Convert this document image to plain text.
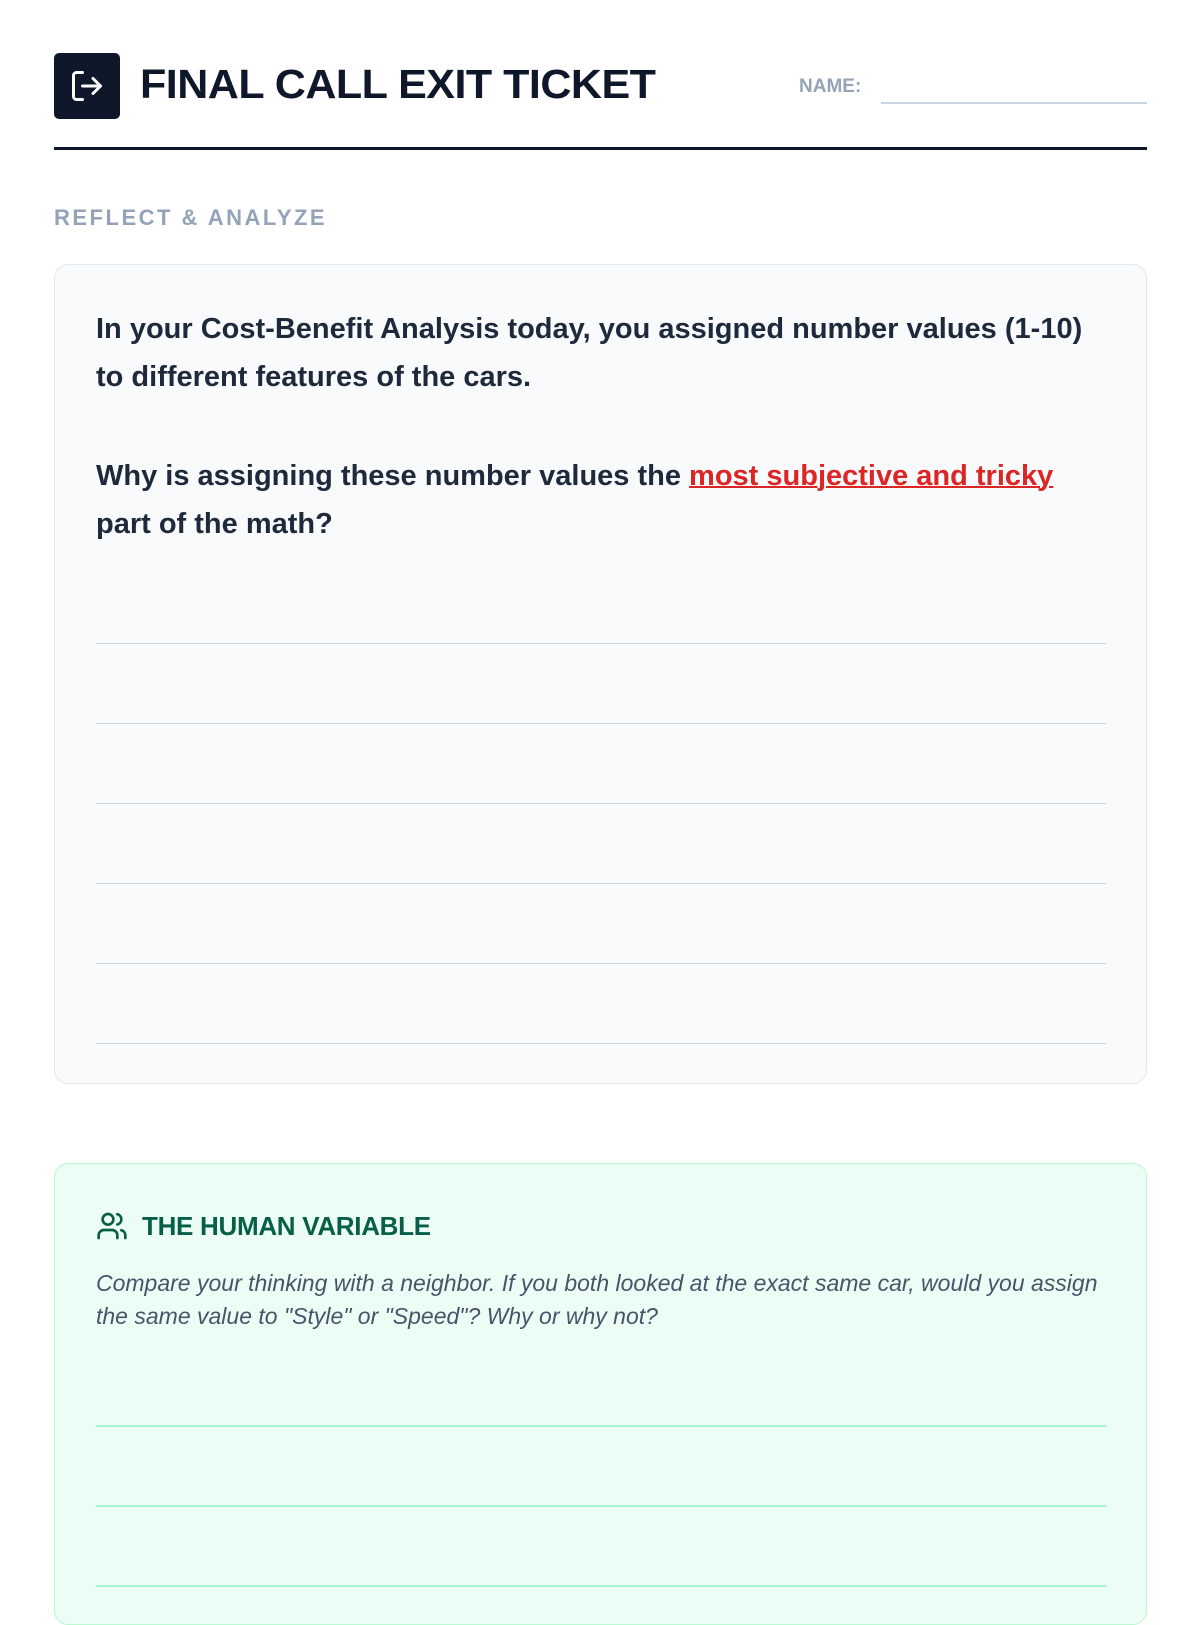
FINAL CALL EXIT TICKET	NAME:
REFLECT & ANALYZE
In your Cost-Benefit Analysis today, you assigned number values (1-10) to different features of the cars.
Why is assigning these number values the most subjective and tricky part of the math?
THE HUMAN VARIABLE
Compare your thinking with a neighbor. If you both looked at the exact same car, would you assign the same value to "Style" or "Speed"? Why or why not?
